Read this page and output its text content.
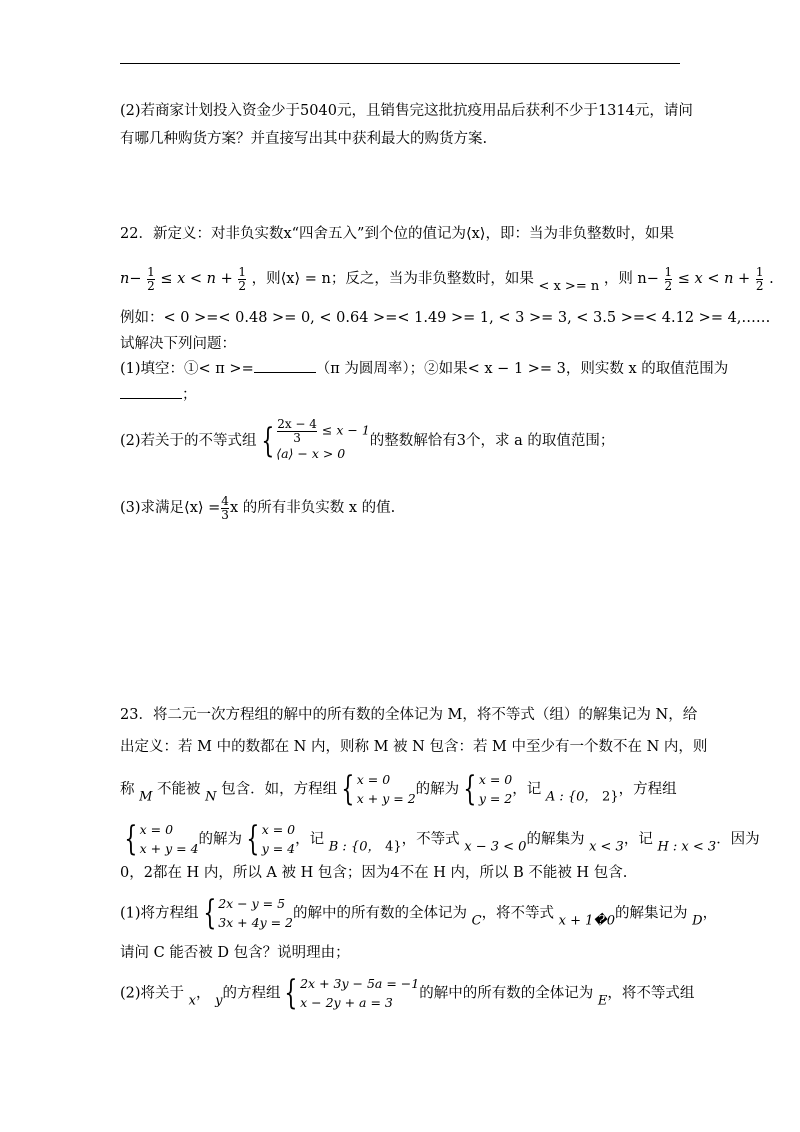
(2)若商家计划投入资金少于5040元，且销售完这批抗疫用品后获利不少于1314元，请问
有哪几种购货方案？并直接写出其中获利最大的购货方案.
22．新定义：对非负实数x“四舍五入”到个位的值记为⟨x⟩，即：当为非负整数时，如果
$n- \frac{1}{2} \le x < n + \frac{1}{2}$ ，则⟨x⟩ = n；反之，当为非负整数时，如果 < x >= n ，则 $n- \frac{1}{2} \le x < n + \frac{1}{2}$ .
例如：< 0 >=< 0.48 >= 0, < 0.64 >=< 1.49 >= 1, < 3 >= 3, < 3.5 >=< 4.12 >= 4,……
试解决下列问题：
(1)填空：①< π >=	（π 为圆周率）；②如果< x − 1 >= 3，则实数 x 的取值范围为
；
(2)若关于的不等式组 { $\frac{2x - 4}{3} \le x - 1$
⟨a⟩ − x > 0
的整数解恰有3个，求 a 的取值范围；
(3)求满足⟨x⟩ = $\frac{4}{3}$ x 的所有非负实数 x 的值.
23．将二元一次方程组的解中的所有数的全体记为 M，将不等式（组）的解集记为 N，给
出定义：若 M 中的数都在 N 内，则称 M 被 N 包含：若 M 中至少有一个数不在 N 内，则
称 M 不能被 N 包含．如，方程组 { x = 0
x + y = 2
的解为 { x = 0
y = 2
，记 A : {0， 2}，方程组
{ x = 0
x + y = 4
的解为 { x = 0
y = 4
，记 B : {0， 4}，不等式 x − 3 < 0的解集为 x < 3，记 H : x < 3．因为
0，2都在 H 内，所以 A 被 H 包含；因为4不在 H 内，所以 B 不能被 H 包含.
(1)将方程组 { 2x − y = 5
3x + 4y = 2
的解中的所有数的全体记为 C，将不等式 x + 1�0的解集记为 D，
请问 C 能否被 D 包含？说明理由；
(2)将关于 x， y的方程组 { 2x + 3y − 5a = −1
x − 2y + a = 3
的解中的所有数的全体记为 E，将不等式组
